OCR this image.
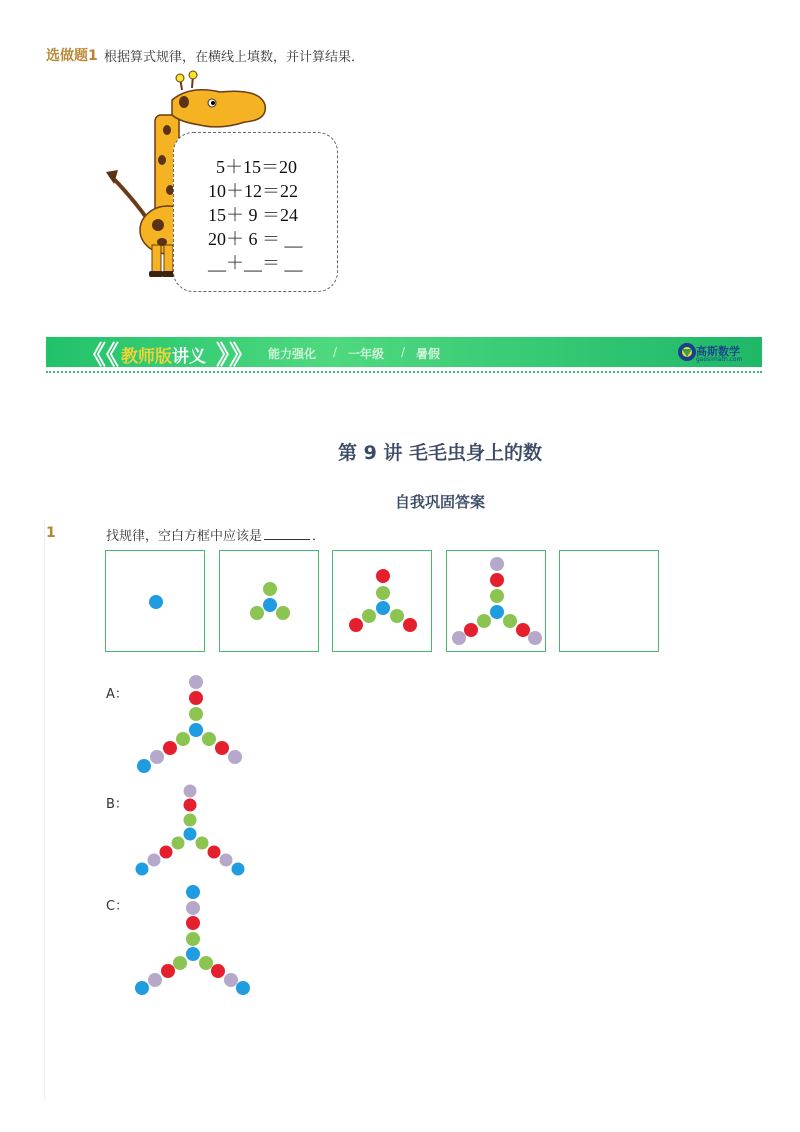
选做题1 根据算式规律，在横线上填数，并计算结果．
5＋15＝20
10＋12＝22
15＋ 9 ＝24
20＋ 6 ＝ __
__＋__＝ __
《《 教师版讲义 》》 能力强化 / 一年级 / 暑假	高斯数学
gaosimath.com
第 9 讲 毛毛虫身上的数
自我巩固答案
1	找规律，空白方框中应该是	．
A：
B：
C：
